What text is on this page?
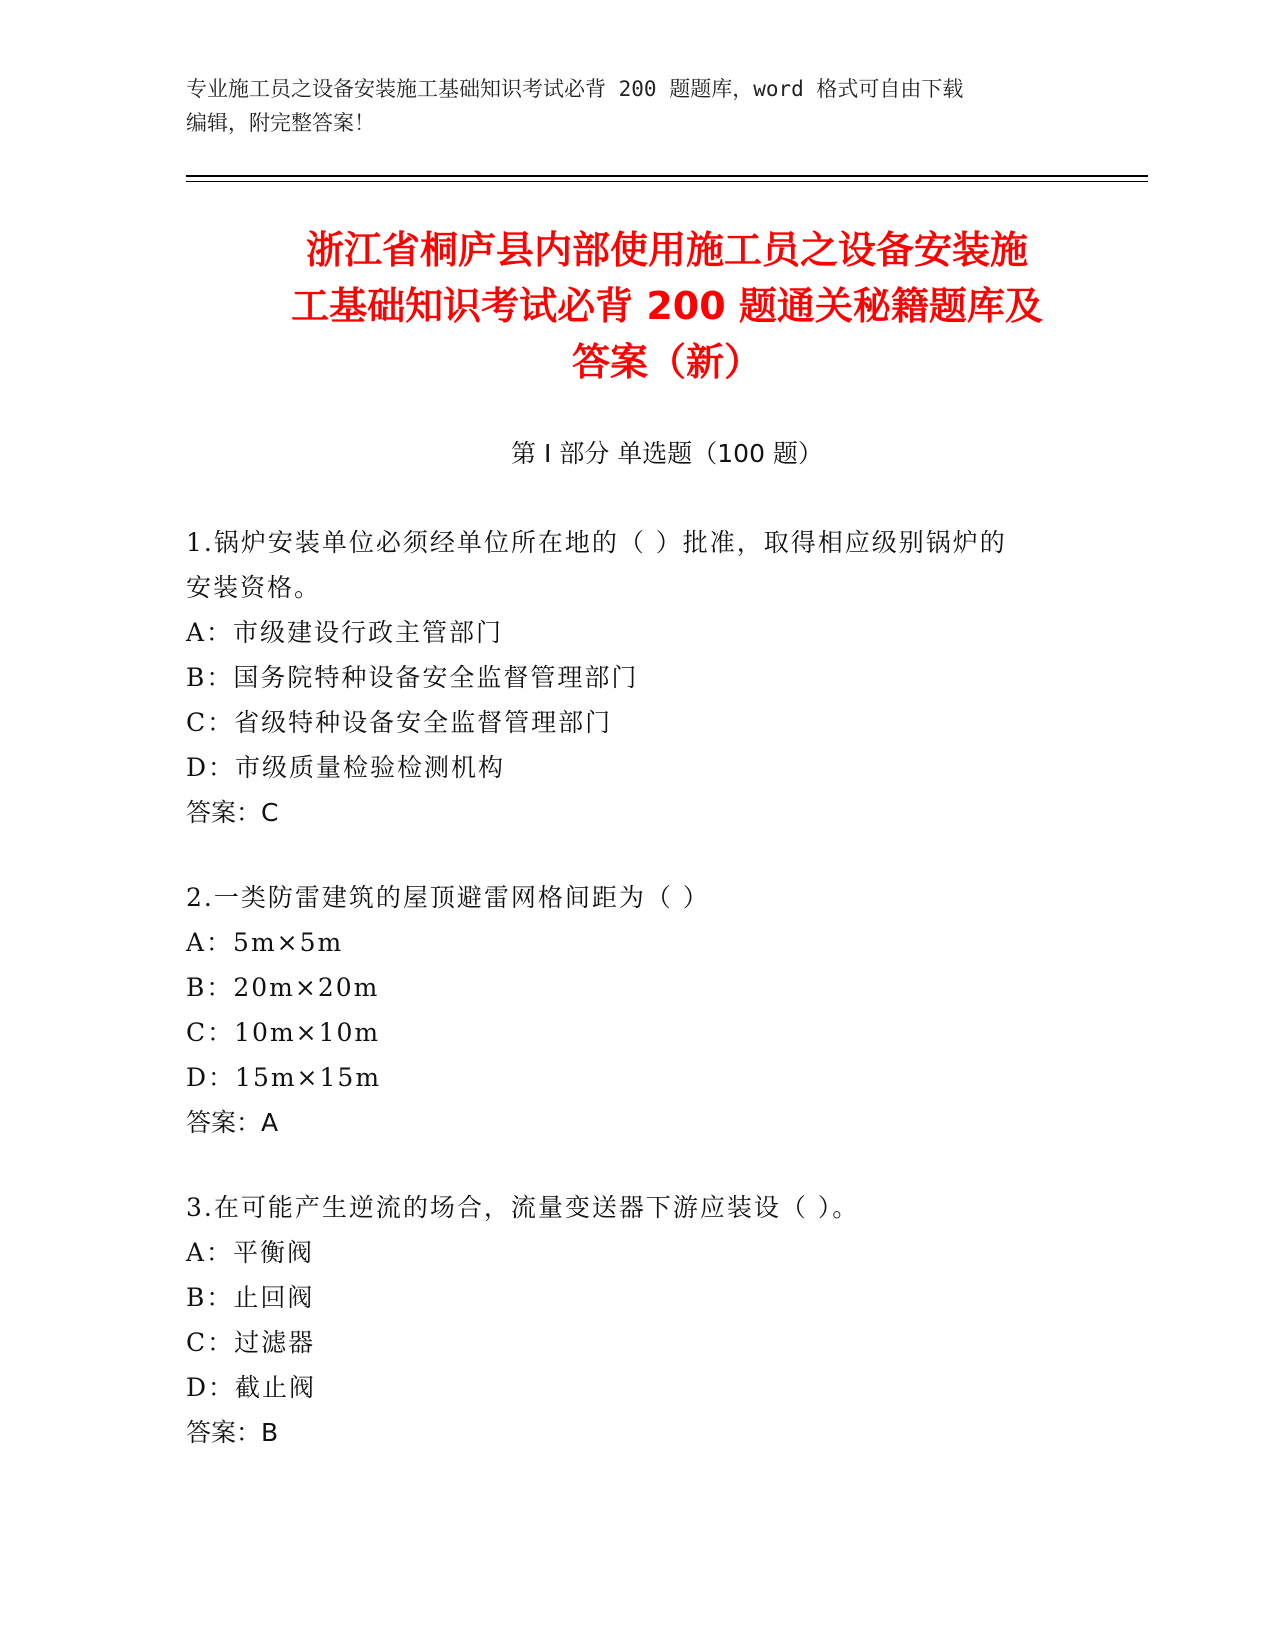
专业施工员之设备安装施工基础知识考试必背 200 题题库，word 格式可自由下载
编辑，附完整答案！
浙江省桐庐县内部使用施工员之设备安装施
工基础知识考试必背 200 题通关秘籍题库及
答案（新）
第 I 部分 单选题（100 题）
1.锅炉安装单位必须经单位所在地的（ ）批准，取得相应级别锅炉的
安装资格。
A：市级建设行政主管部门
B：国务院特种设备安全监督管理部门
C：省级特种设备安全监督管理部门
D：市级质量检验检测机构
答案：C
2.一类防雷建筑的屋顶避雷网格间距为（ ）
A：5m×5m
B：20m×20m
C：10m×10m
D：15m×15m
答案：A
3.在可能产生逆流的场合，流量变送器下游应装设（ ）。
A：平衡阀
B：止回阀
C：过滤器
D：截止阀
答案：B
